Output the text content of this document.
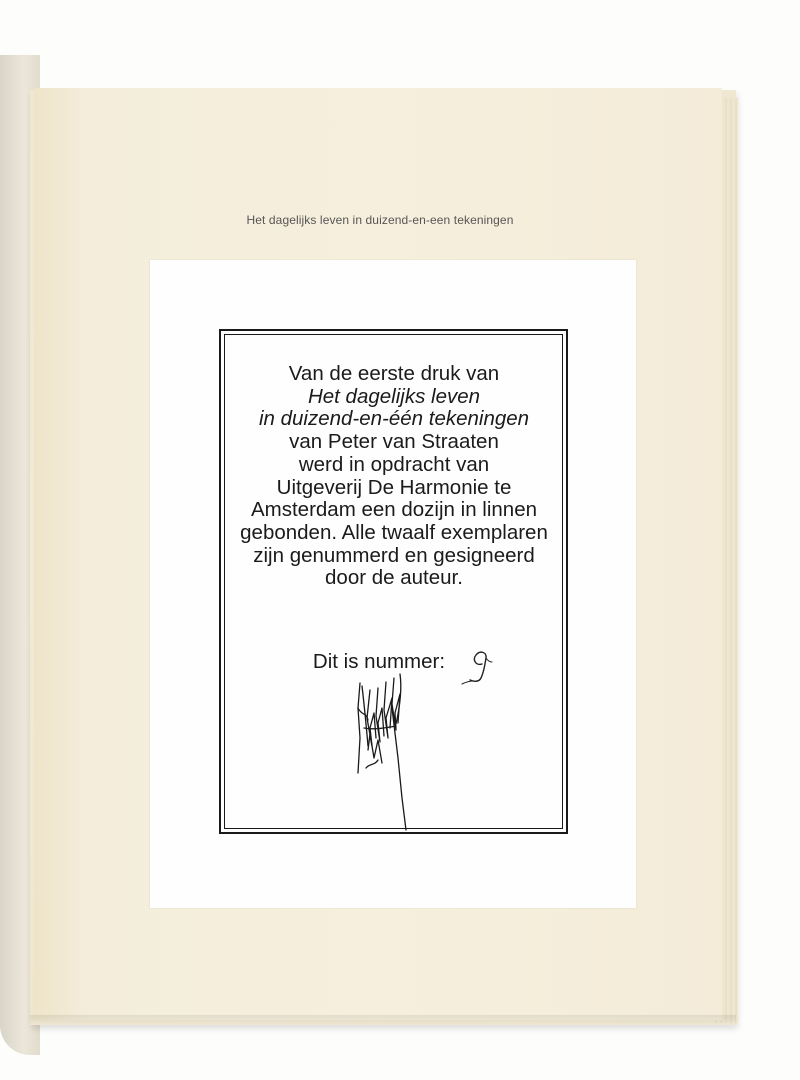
Het dagelijks leven in duizend-en-een tekeningen
Van de eerste druk van
Het dagelijks leven
in duizend-en-één tekeningen
van Peter van Straaten
werd in opdracht van
Uitgeverij De Harmonie te
Amsterdam een dozijn in linnen
gebonden. Alle twaalf exemplaren
zijn genummerd en gesigneerd
door de auteur.
Dit is nummer:
